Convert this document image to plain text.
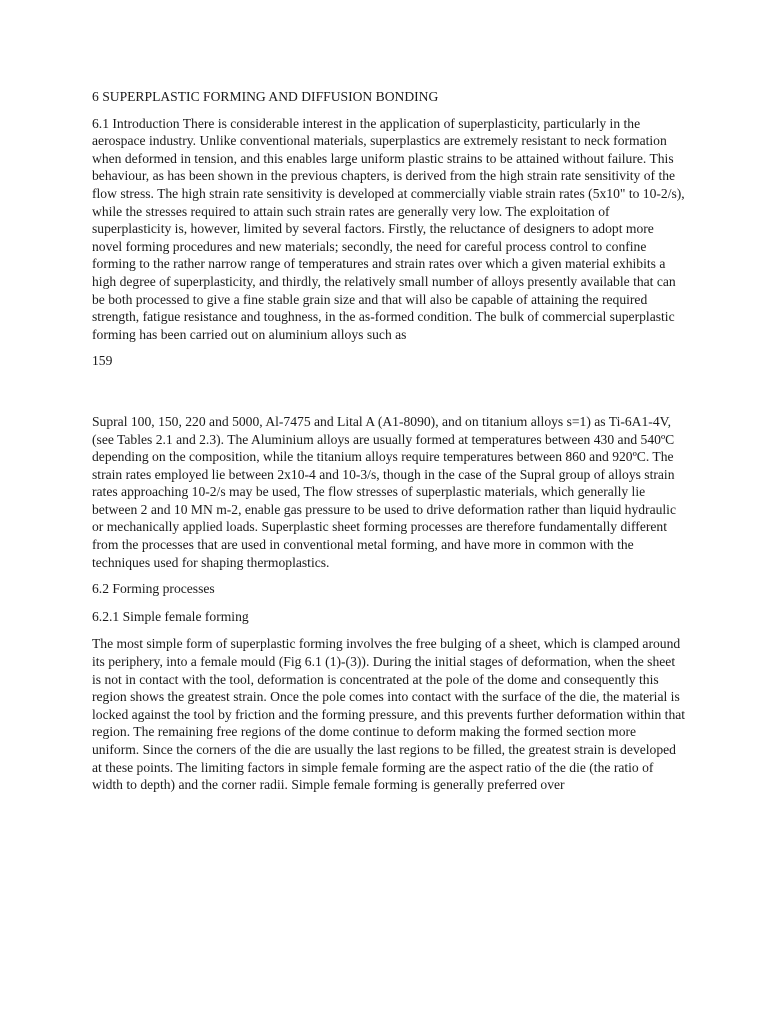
6 SUPERPLASTIC FORMING AND DIFFUSION BONDING

6.1 Introduction There is considerable interest in the application of superplasticity, particularly in the aerospace industry. Unlike conventional materials, superplastics are extremely resistant to neck formation when deformed in tension, and this enables large uniform plastic strains to be attained without failure. This behaviour, as has been shown in the previous chapters, is derived from the high strain rate sensitivity of the flow stress. The high strain rate sensitivity is developed at commercially viable strain rates (5x10" to 10-2/s), while the stresses required to attain such strain rates are generally very low. The exploitation of superplasticity is, however, limited by several factors. Firstly, the reluctance of designers to adopt more novel forming procedures and new materials; secondly, the need for careful process control to confine forming to the rather narrow range of temperatures and strain rates over which a given material exhibits a high degree of superplasticity, and thirdly, the relatively small number of alloys presently available that can be both processed to give a fine stable grain size and that will also be capable of attaining the required strength, fatigue resistance and toughness, in the as-formed condition. The bulk of commercial superplastic forming has been carried out on aluminium alloys such as

159

Supral 100, 150, 220 and 5000, Al-7475 and Lital A (A1-8090), and on titanium alloys s=1) as Ti-6A1-4V, (see Tables 2.1 and 2.3). The Aluminium alloys are usually formed at temperatures between 430 and 540ºC depending on the composition, while the titanium alloys require temperatures between 860 and 920ºC. The strain rates employed lie between 2x10-4 and 10-3/s, though in the case of the Supral group of alloys strain rates approaching 10-2/s may be used, The flow stresses of superplastic materials, which generally lie between 2 and 10 MN m-2, enable gas pressure to be used to drive deformation rather than liquid hydraulic or mechanically applied loads. Superplastic sheet forming processes are therefore fundamentally different from the processes that are used in conventional metal forming, and have more in common with the techniques used for shaping thermoplastics.

6.2 Forming processes

6.2.1 Simple female forming

The most simple form of superplastic forming involves the free bulging of a sheet, which is clamped around its periphery, into a female mould (Fig 6.1 (1)-(3)). During the initial stages of deformation, when the sheet is not in contact with the tool, deformation is concentrated at the pole of the dome and consequently this region shows the greatest strain. Once the pole comes into contact with the surface of the die, the material is locked against the tool by friction and the forming pressure, and this prevents further deformation within that region. The remaining free regions of the dome continue to deform making the formed section more uniform. Since the corners of the die are usually the last regions to be filled, the greatest strain is developed at these points. The limiting factors in simple female forming are the aspect ratio of the die (the ratio of width to depth) and the corner radii. Simple female forming is generally preferred over
